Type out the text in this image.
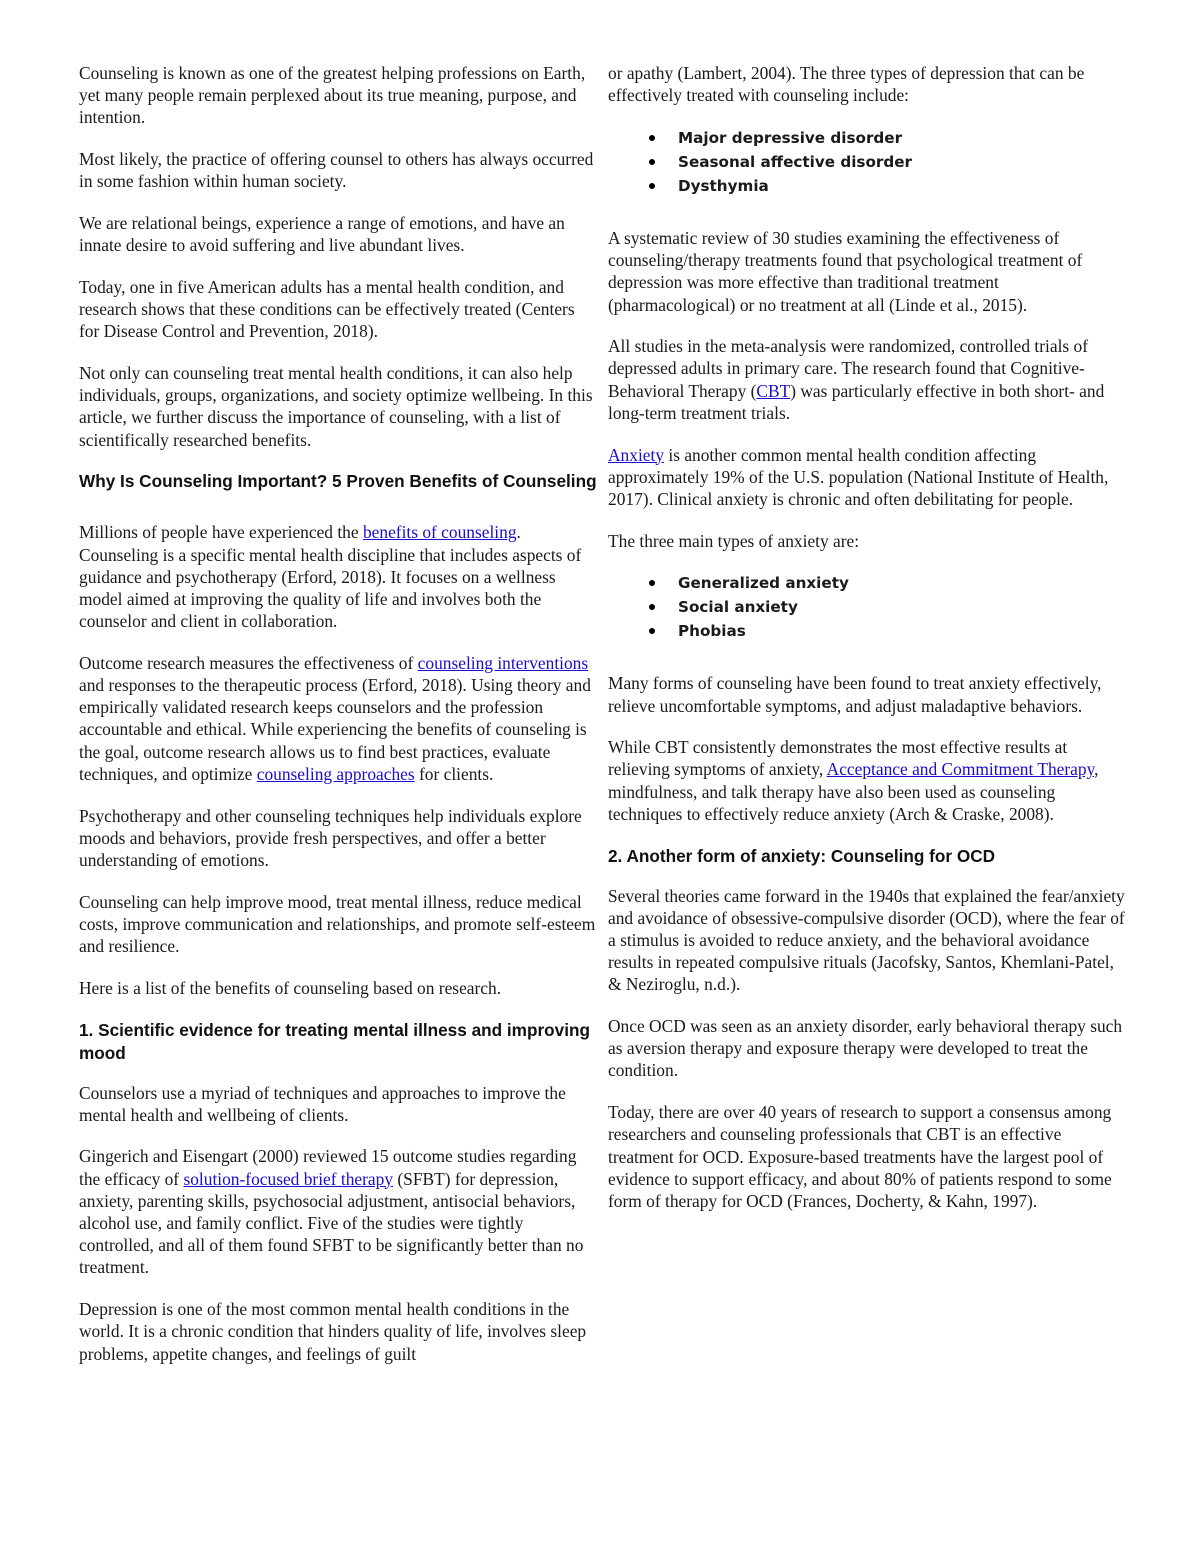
Counseling is known as one of the greatest helping professions on Earth, yet many people remain perplexed about its true meaning, purpose, and intention.

Most likely, the practice of offering counsel to others has always occurred in some fashion within human society.

We are relational beings, experience a range of emotions, and have an innate desire to avoid suffering and live abundant lives.

Today, one in five American adults has a mental health condition, and research shows that these conditions can be effectively treated (Centers for Disease Control and Prevention, 2018).

Not only can counseling treat mental health conditions, it can also help individuals, groups, organizations, and society optimize wellbeing. In this article, we further discuss the importance of counseling, with a list of scientifically researched benefits.

Why Is Counseling Important? 5 Proven Benefits of Counseling

Millions of people have experienced the benefits of counseling. Counseling is a specific mental health discipline that includes aspects of guidance and psychotherapy (Erford, 2018). It focuses on a wellness model aimed at improving the quality of life and involves both the counselor and client in collaboration.

Outcome research measures the effectiveness of counseling interventions and responses to the therapeutic process (Erford, 2018). Using theory and empirically validated research keeps counselors and the profession accountable and ethical. While experiencing the benefits of counseling is the goal, outcome research allows us to find best practices, evaluate techniques, and optimize counseling approaches for clients.

Psychotherapy and other counseling techniques help individuals explore moods and behaviors, provide fresh perspectives, and offer a better understanding of emotions.

Counseling can help improve mood, treat mental illness, reduce medical costs, improve communication and relationships, and promote self-esteem and resilience.

Here is a list of the benefits of counseling based on research.

1. Scientific evidence for treating mental illness and improving mood

Counselors use a myriad of techniques and approaches to improve the mental health and wellbeing of clients.

Gingerich and Eisengart (2000) reviewed 15 outcome studies regarding the efficacy of solution-focused brief therapy (SFBT) for depression, anxiety, parenting skills, psychosocial adjustment, antisocial behaviors, alcohol use, and family conflict. Five of the studies were tightly controlled, and all of them found SFBT to be significantly better than no treatment.

Depression is one of the most common mental health conditions in the world. It is a chronic condition that hinders quality of life, involves sleep problems, appetite changes, and feelings of guilt

or apathy (Lambert, 2004). The three types of depression that can be effectively treated with counseling include:

Major depressive disorder
Seasonal affective disorder
Dysthymia

A systematic review of 30 studies examining the effectiveness of counseling/therapy treatments found that psychological treatment of depression was more effective than traditional treatment (pharmacological) or no treatment at all (Linde et al., 2015).

All studies in the meta-analysis were randomized, controlled trials of depressed adults in primary care. The research found that Cognitive-Behavioral Therapy (CBT) was particularly effective in both short- and long-term treatment trials.

Anxiety is another common mental health condition affecting approximately 19% of the U.S. population (National Institute of Health, 2017). Clinical anxiety is chronic and often debilitating for people.

The three main types of anxiety are:

Generalized anxiety
Social anxiety
Phobias

Many forms of counseling have been found to treat anxiety effectively, relieve uncomfortable symptoms, and adjust maladaptive behaviors.

While CBT consistently demonstrates the most effective results at relieving symptoms of anxiety, Acceptance and Commitment Therapy, mindfulness, and talk therapy have also been used as counseling techniques to effectively reduce anxiety (Arch & Craske, 2008).

2. Another form of anxiety: Counseling for OCD

Several theories came forward in the 1940s that explained the fear/anxiety and avoidance of obsessive-compulsive disorder (OCD), where the fear of a stimulus is avoided to reduce anxiety, and the behavioral avoidance results in repeated compulsive rituals (Jacofsky, Santos, Khemlani-Patel, & Neziroglu, n.d.).

Once OCD was seen as an anxiety disorder, early behavioral therapy such as aversion therapy and exposure therapy were developed to treat the condition.

Today, there are over 40 years of research to support a consensus among researchers and counseling professionals that CBT is an effective treatment for OCD. Exposure-based treatments have the largest pool of evidence to support efficacy, and about 80% of patients respond to some form of therapy for OCD (Frances, Docherty, & Kahn, 1997).
